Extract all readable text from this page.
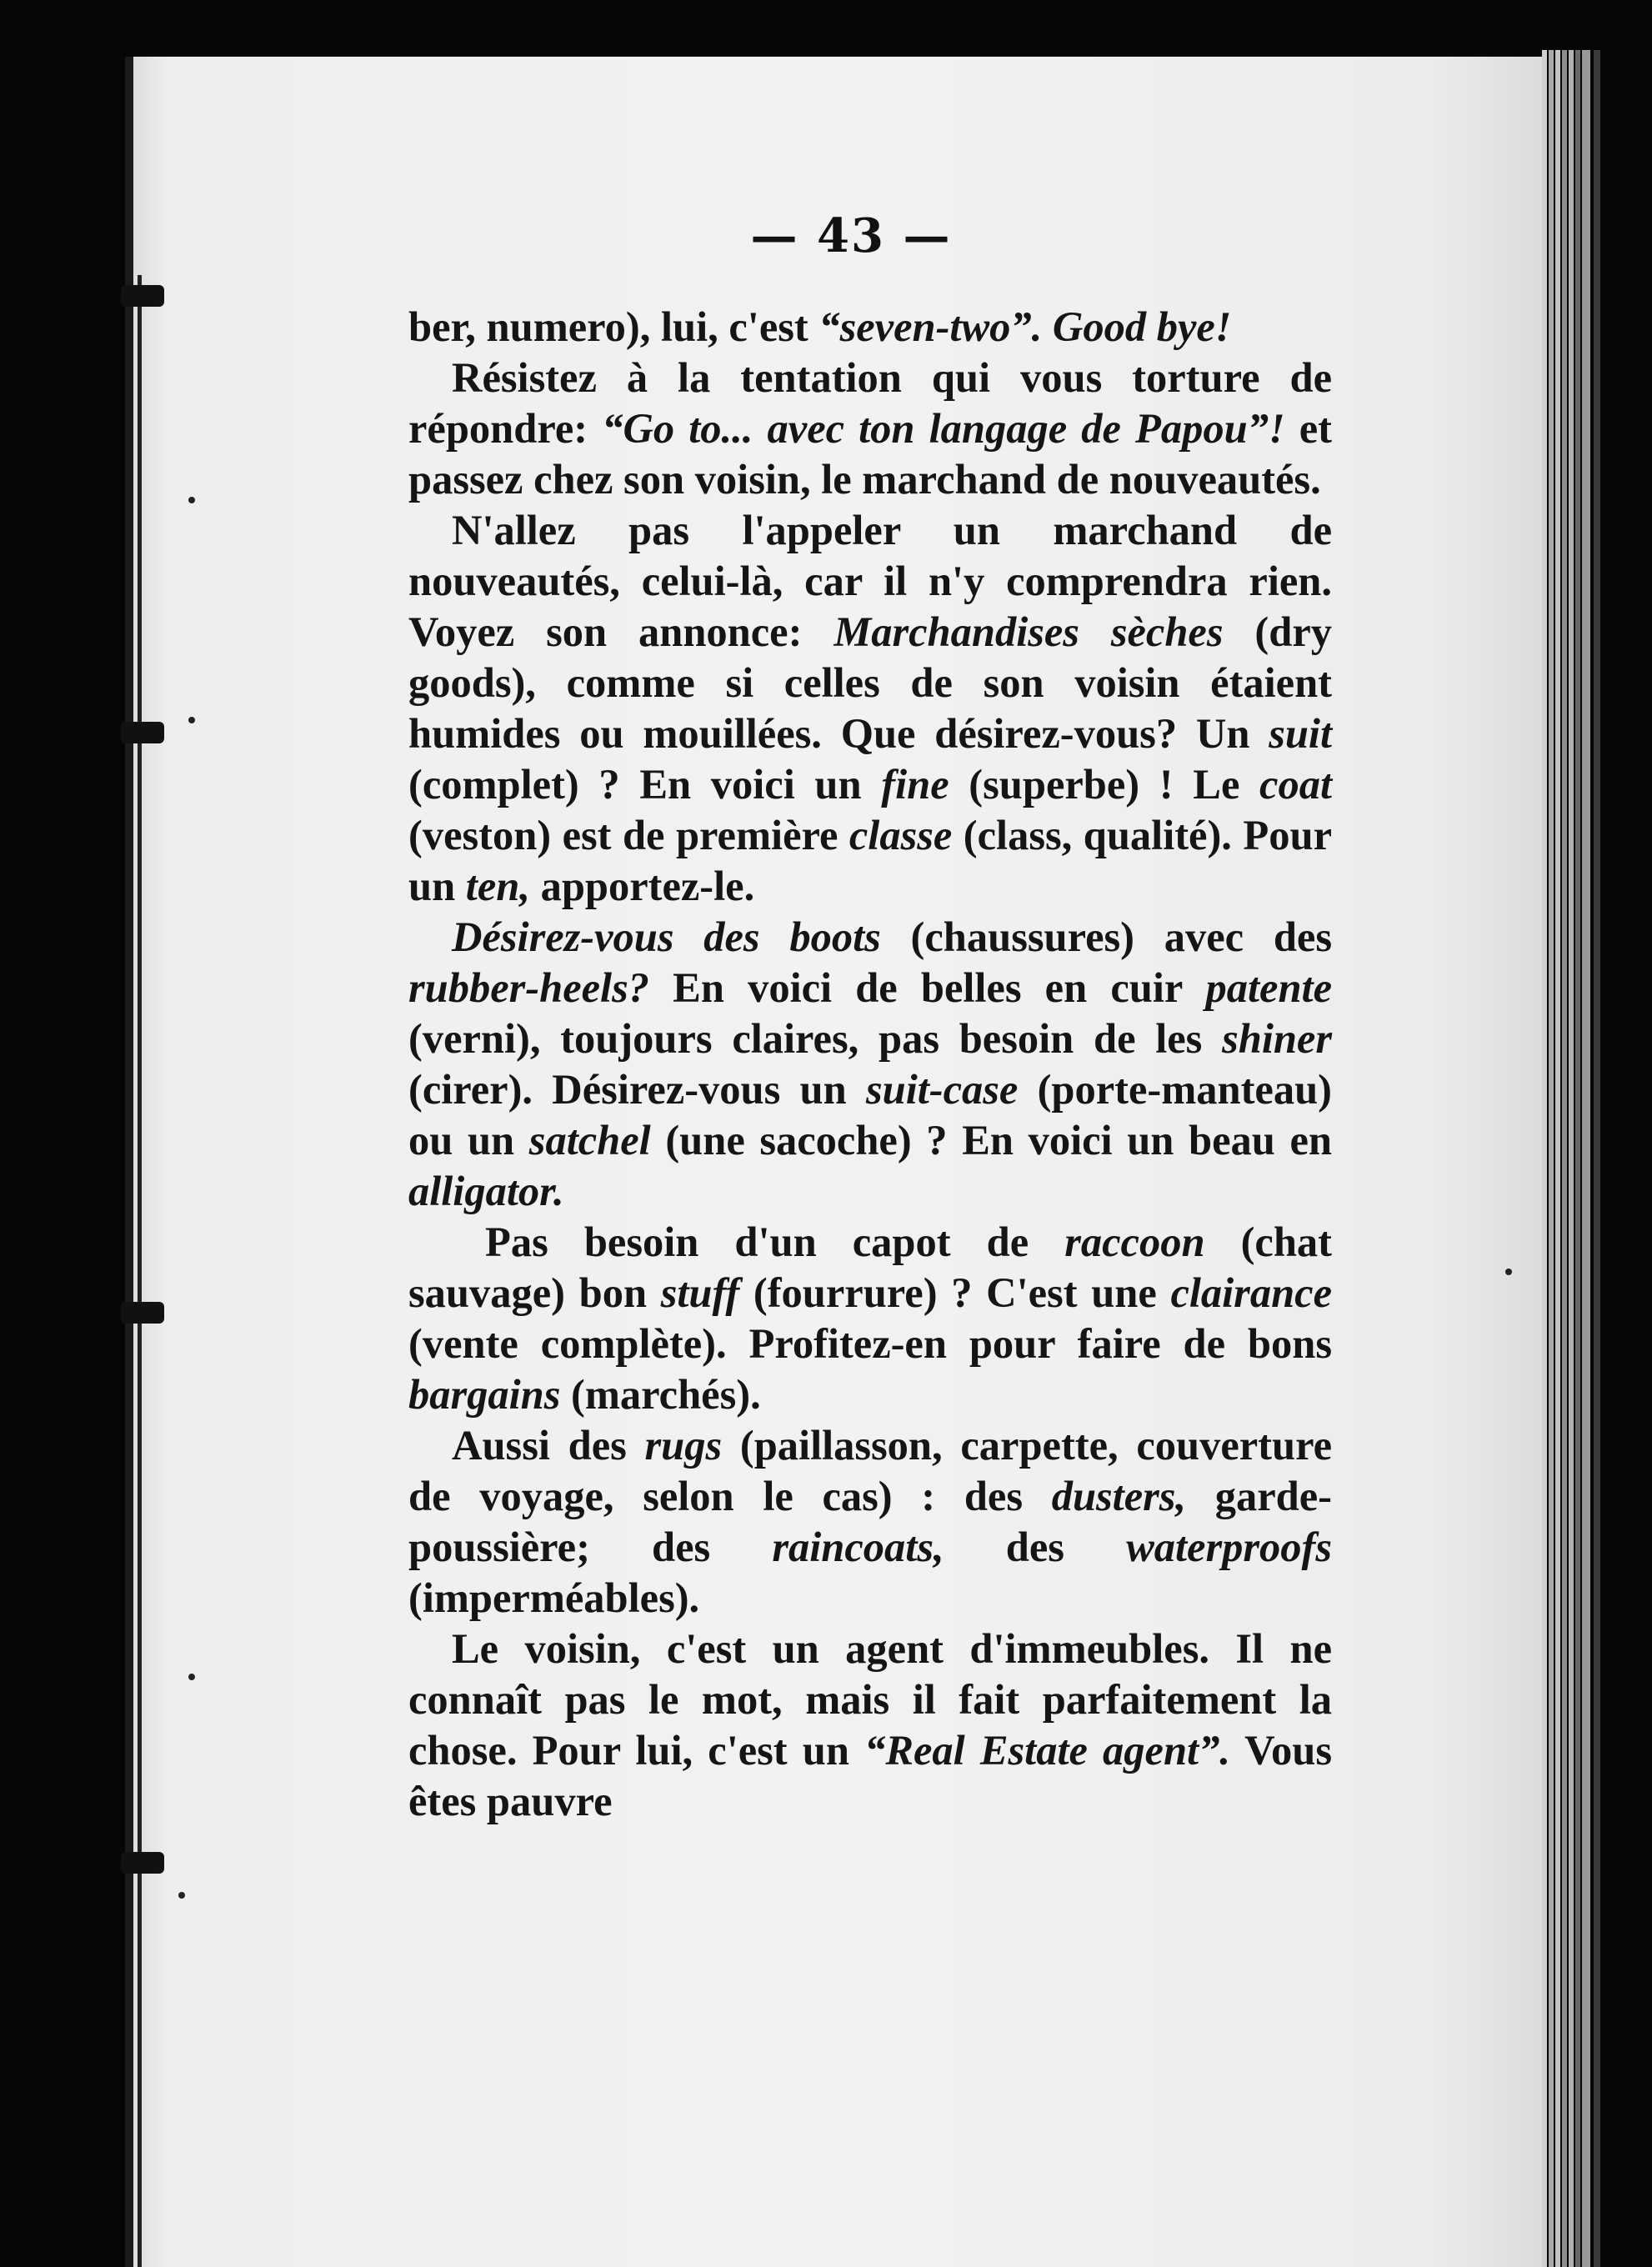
— 43 —

ber, numero), lui, c'est “seven-two”. Good bye!

Résistez à la tentation qui vous torture de répondre: “Go to... avec ton langage de Papou”! et passez chez son voisin, le marchand de nouveautés.

N'allez pas l'appeler un marchand de nouveautés, celui-là, car il n'y comprendra rien. Voyez son annonce: Marchandises sèches (dry goods), comme si celles de son voisin étaient humides ou mouillées. Que désirez-vous? Un suit (complet) ? En voici un fine (superbe) ! Le coat (veston) est de première classe (class, qualité). Pour un ten, apportez-le.

Désirez-vous des boots (chaussures) avec des rubber-heels? En voici de belles en cuir patente (verni), toujours claires, pas besoin de les shiner (cirer). Désirez-vous un suit-case (porte-manteau) ou un satchel (une sacoche) ? En voici un beau en alligator.

Pas besoin d'un capot de raccoon (chat sauvage) bon stuff (fourrure) ? C'est une clairance (vente complète). Profitez-en pour faire de bons bargains (marchés).

Aussi des rugs (paillasson, carpette, couverture de voyage, selon le cas) : des dusters, garde-poussière; des raincoats, des waterproofs (imperméables).

Le voisin, c'est un agent d'immeubles. Il ne connaît pas le mot, mais il fait parfaitement la chose. Pour lui, c'est un “Real Estate agent”. Vous êtes pauvre
